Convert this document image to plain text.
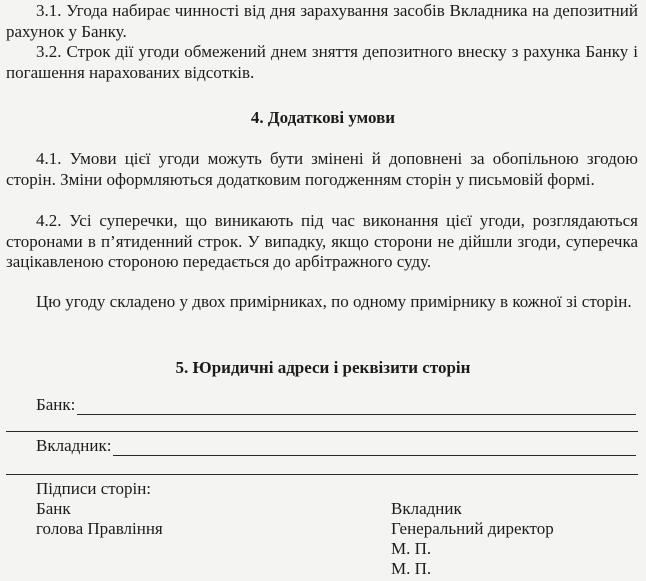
3.1. Угода набирає чинності від дня зарахування засобів Вкладника на депозитний рахунок у Банку.

3.2. Строк дії угоди обмежений днем зняття депозитного внеску з рахунка Банку і погашення нарахованих відсотків.

4. Додаткові умови

4.1. Умови цієї угоди можуть бути змінені й доповнені за обопільною згодою сторін. Зміни оформляються додатковим погодженням сторін у письмовій формі.

4.2. Усі суперечки, що виникають під час виконання цієї угоди, розглядаються сторонами в п’ятиденний строк. У випадку, якщо сторони не дійшли згоди, суперечка зацікавленою стороною передається до арбітражного суду.

Цю угоду складено у двох примірниках, по одному примірнику в кожної зі сторін.

5. Юридичні адреси і реквізити сторін
Банк:
Вкладник:

Підписи сторін:

Банк

голова Правління

Вкладник

Генеральний директор

М. П.

М. П.
